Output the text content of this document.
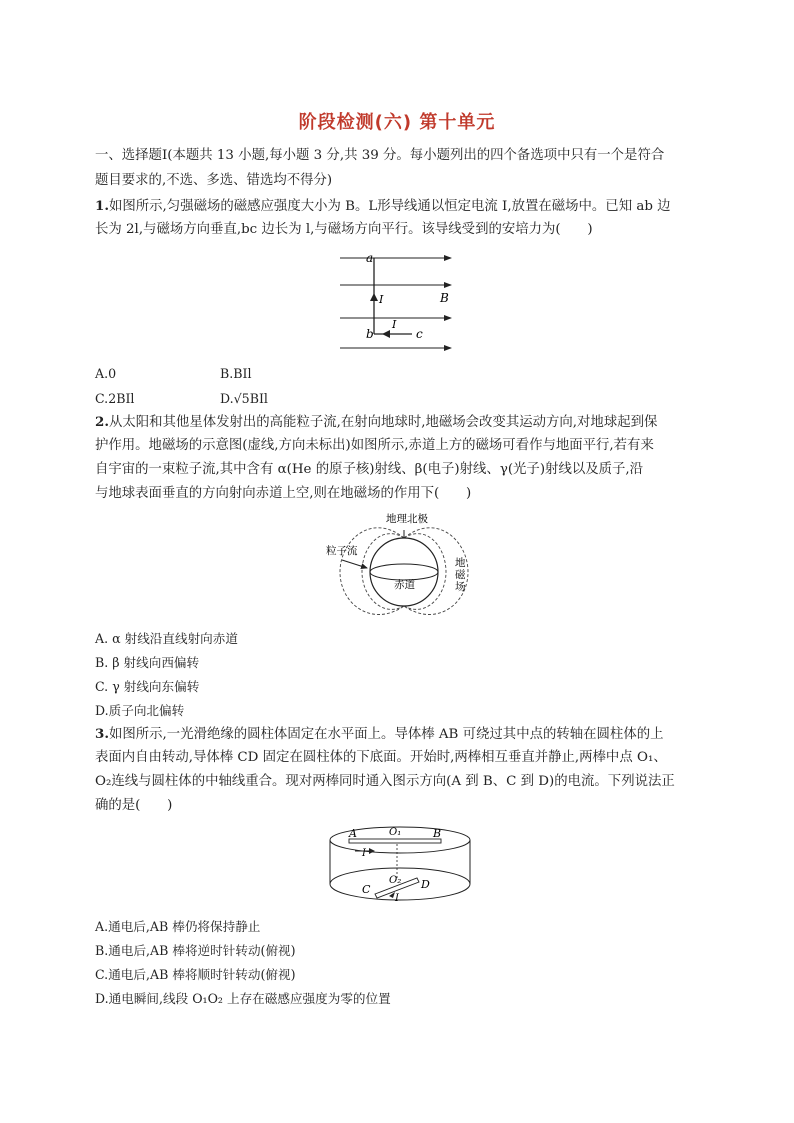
阶段检测(六) 第十单元
一、选择题Ⅰ(本题共 13 小题,每小题 3 分,共 39 分。每小题列出的四个备选项中只有一个是符合
题目要求的,不选、多选、错选均不得分)
1.如图所示,匀强磁场的磁感应强度大小为 B。L形导线通以恒定电流 I,放置在磁场中。已知 ab 边
长为 2l,与磁场方向垂直,bc 边长为 l,与磁场方向平行。该导线受到的安培力为(　　)
a
b	c
I
I
B
A.0	B.BIl
C.2BIl	D.√5BIl
2.从太阳和其他星体发射出的高能粒子流,在射向地球时,地磁场会改变其运动方向,对地球起到保
护作用。地磁场的示意图(虚线,方向未标出)如图所示,赤道上方的磁场可看作与地面平行,若有来
自宇宙的一束粒子流,其中含有 α(He 的原子核)射线、β(电子)射线、γ(光子)射线以及质子,沿
与地球表面垂直的方向射向赤道上空,则在地磁场的作用下(　　)
地理北极
粒子流
赤道
地
磁
场
A. α 射线沿直线射向赤道
B. β 射线向西偏转
C. γ 射线向东偏转
D.质子向北偏转
3.如图所示,一光滑绝缘的圆柱体固定在水平面上。导体棒 AB 可绕过其中点的转轴在圆柱体的上
表面内自由转动,导体棒 CD 固定在圆柱体的下底面。开始时,两棒相互垂直并静止,两棒中点 O₁、
O₂连线与圆柱体的中轴线重合。现对两棒同时通入图示方向(A 到 B、C 到 D)的电流。下列说法正
确的是(　　)
A	B
O₁
O₂
C	D
I
I
A.通电后,AB 棒仍将保持静止
B.通电后,AB 棒将逆时针转动(俯视)
C.通电后,AB 棒将顺时针转动(俯视)
D.通电瞬间,线段 O₁O₂ 上存在磁感应强度为零的位置
